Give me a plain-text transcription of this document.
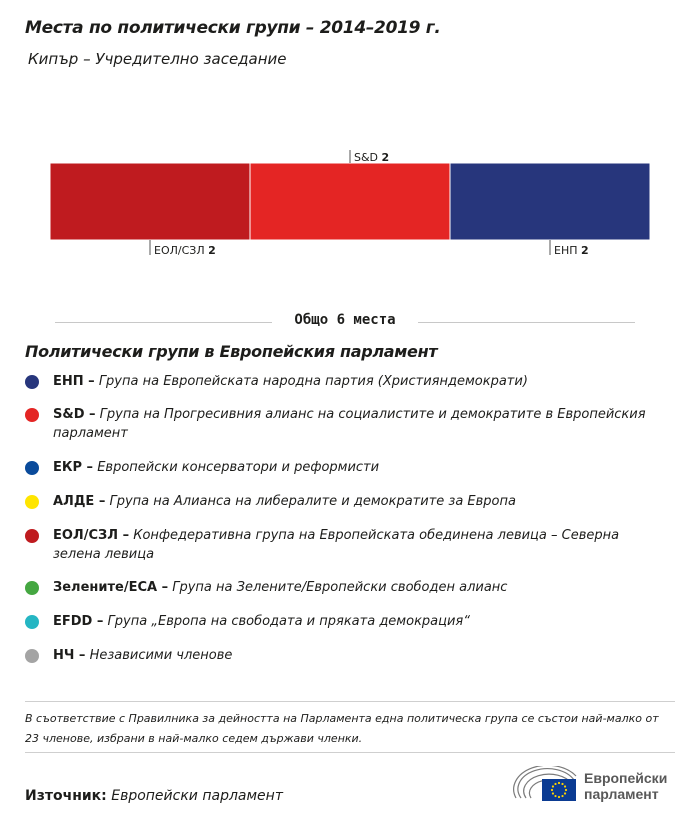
Места по политически групи – 2014–2019 г.
Кипър – Учредително заседание
ЕОЛ/СЗЛ 2
S&D 2
ЕНП 2
Общо 6 места
Политически групи в Европейския парламент
ЕНП – Група на Европейската народна партия (Християндемократи)
S&D – Група на Прогресивния алианс на социалистите и демократите в Европейския парламент
ЕКР – Европейски консерватори и реформисти
АЛДЕ – Група на Алианса на либералите и демократите за Европа
ЕОЛ/СЗЛ – Конфедеративна група на Европейската обединена левица – Северна зелена левица
Зелените/ЕСА – Група на Зелените/Европейски свободен алианс
EFDD – Група „Европа на свободата и пряката демокрация“
НЧ – Независими членове
В съответствие с Правилника за дейността на Парламента една политическа група се състои най-малко от 23 членове, избрани в най-малко седем държави членки.
Източник: Европейски парламент
Европейски
парламент
